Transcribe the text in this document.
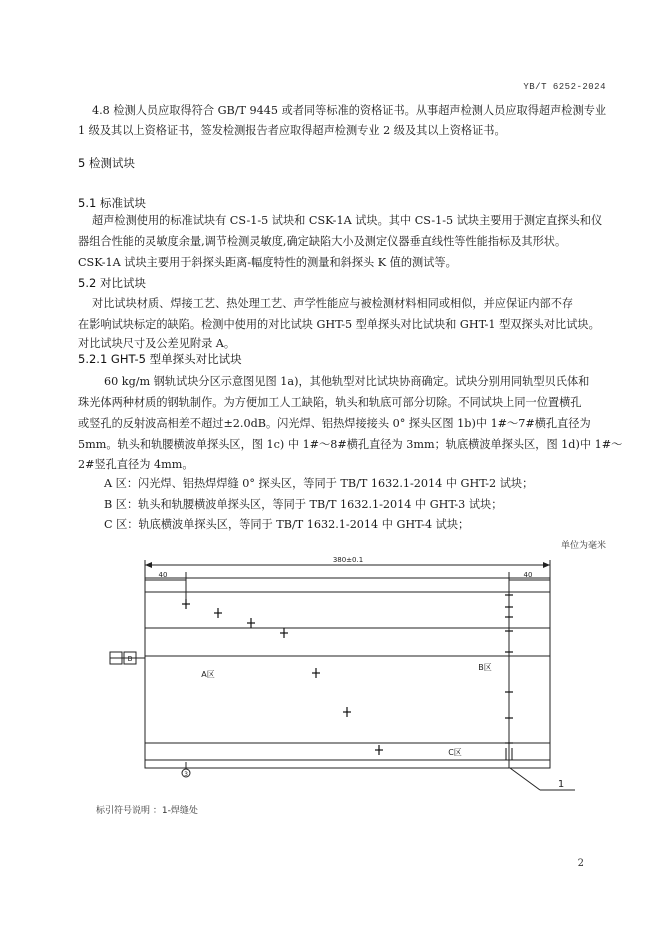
YB/T 6252-2024
4.8 检测人员应取得符合 GB/T 9445 或者同等标准的资格证书。从事超声检测人员应取得超声检测专业
1 级及其以上资格证书，签发检测报告者应取得超声检测专业 2 级及其以上资格证书。
5 检测试块
5.1 标准试块
超声检测使用的标准试块有 CS-1-5 试块和 CSK-1A 试块。其中 CS-1-5 试块主要用于测定直探头和仪
器组合性能的灵敏度余量,调节检测灵敏度,确定缺陷大小及测定仪器垂直线性等性能指标及其形状。
CSK-1A 试块主要用于斜探头距离-幅度特性的测量和斜探头 K 值的测试等。
5.2 对比试块
对比试块材质、焊接工艺、热处理工艺、声学性能应与被检测材料相同或相似，并应保证内部不存
在影响试块标定的缺陷。检测中使用的对比试块 GHT-5 型单探头对比试块和 GHT-1 型双探头对比试块。
对比试块尺寸及公差见附录 A。
5.2.1 GHT-5 型单探头对比试块
60 kg/m 钢轨试块分区示意图见图 1a)，其他轨型对比试块协商确定。试块分别用同轨型贝氏体和
珠光体两种材质的钢轨制作。为方便加工人工缺陷，轨头和轨底可部分切除。不同试块上同一位置横孔
或竖孔的反射波高相差不超过±2.0dB。闪光焊、铝热焊接接头 0° 探头区图 1b)中 1#～7#横孔直径为
5mm。轨头和轨腰横波单探头区，图 1c) 中 1#～8#横孔直径为 3mm；轨底横波单探头区，图 1d)中 1#～
2#竖孔直径为 4mm。
A 区：闪光焊、铝热焊焊缝 0° 探头区，等同于 TB/T 1632.1-2014 中 GHT-2 试块；
B 区：轨头和轨腰横波单探头区，等同于 TB/T 1632.1-2014 中 GHT-3 试块；
C 区：轨底横波单探头区，等同于 TB/T 1632.1-2014 中 GHT-4 试块；
单位为毫米
380±0.1
40	40
B
A区
B区
C区
3
1
标引符号说明 ：1-焊缝处
2
